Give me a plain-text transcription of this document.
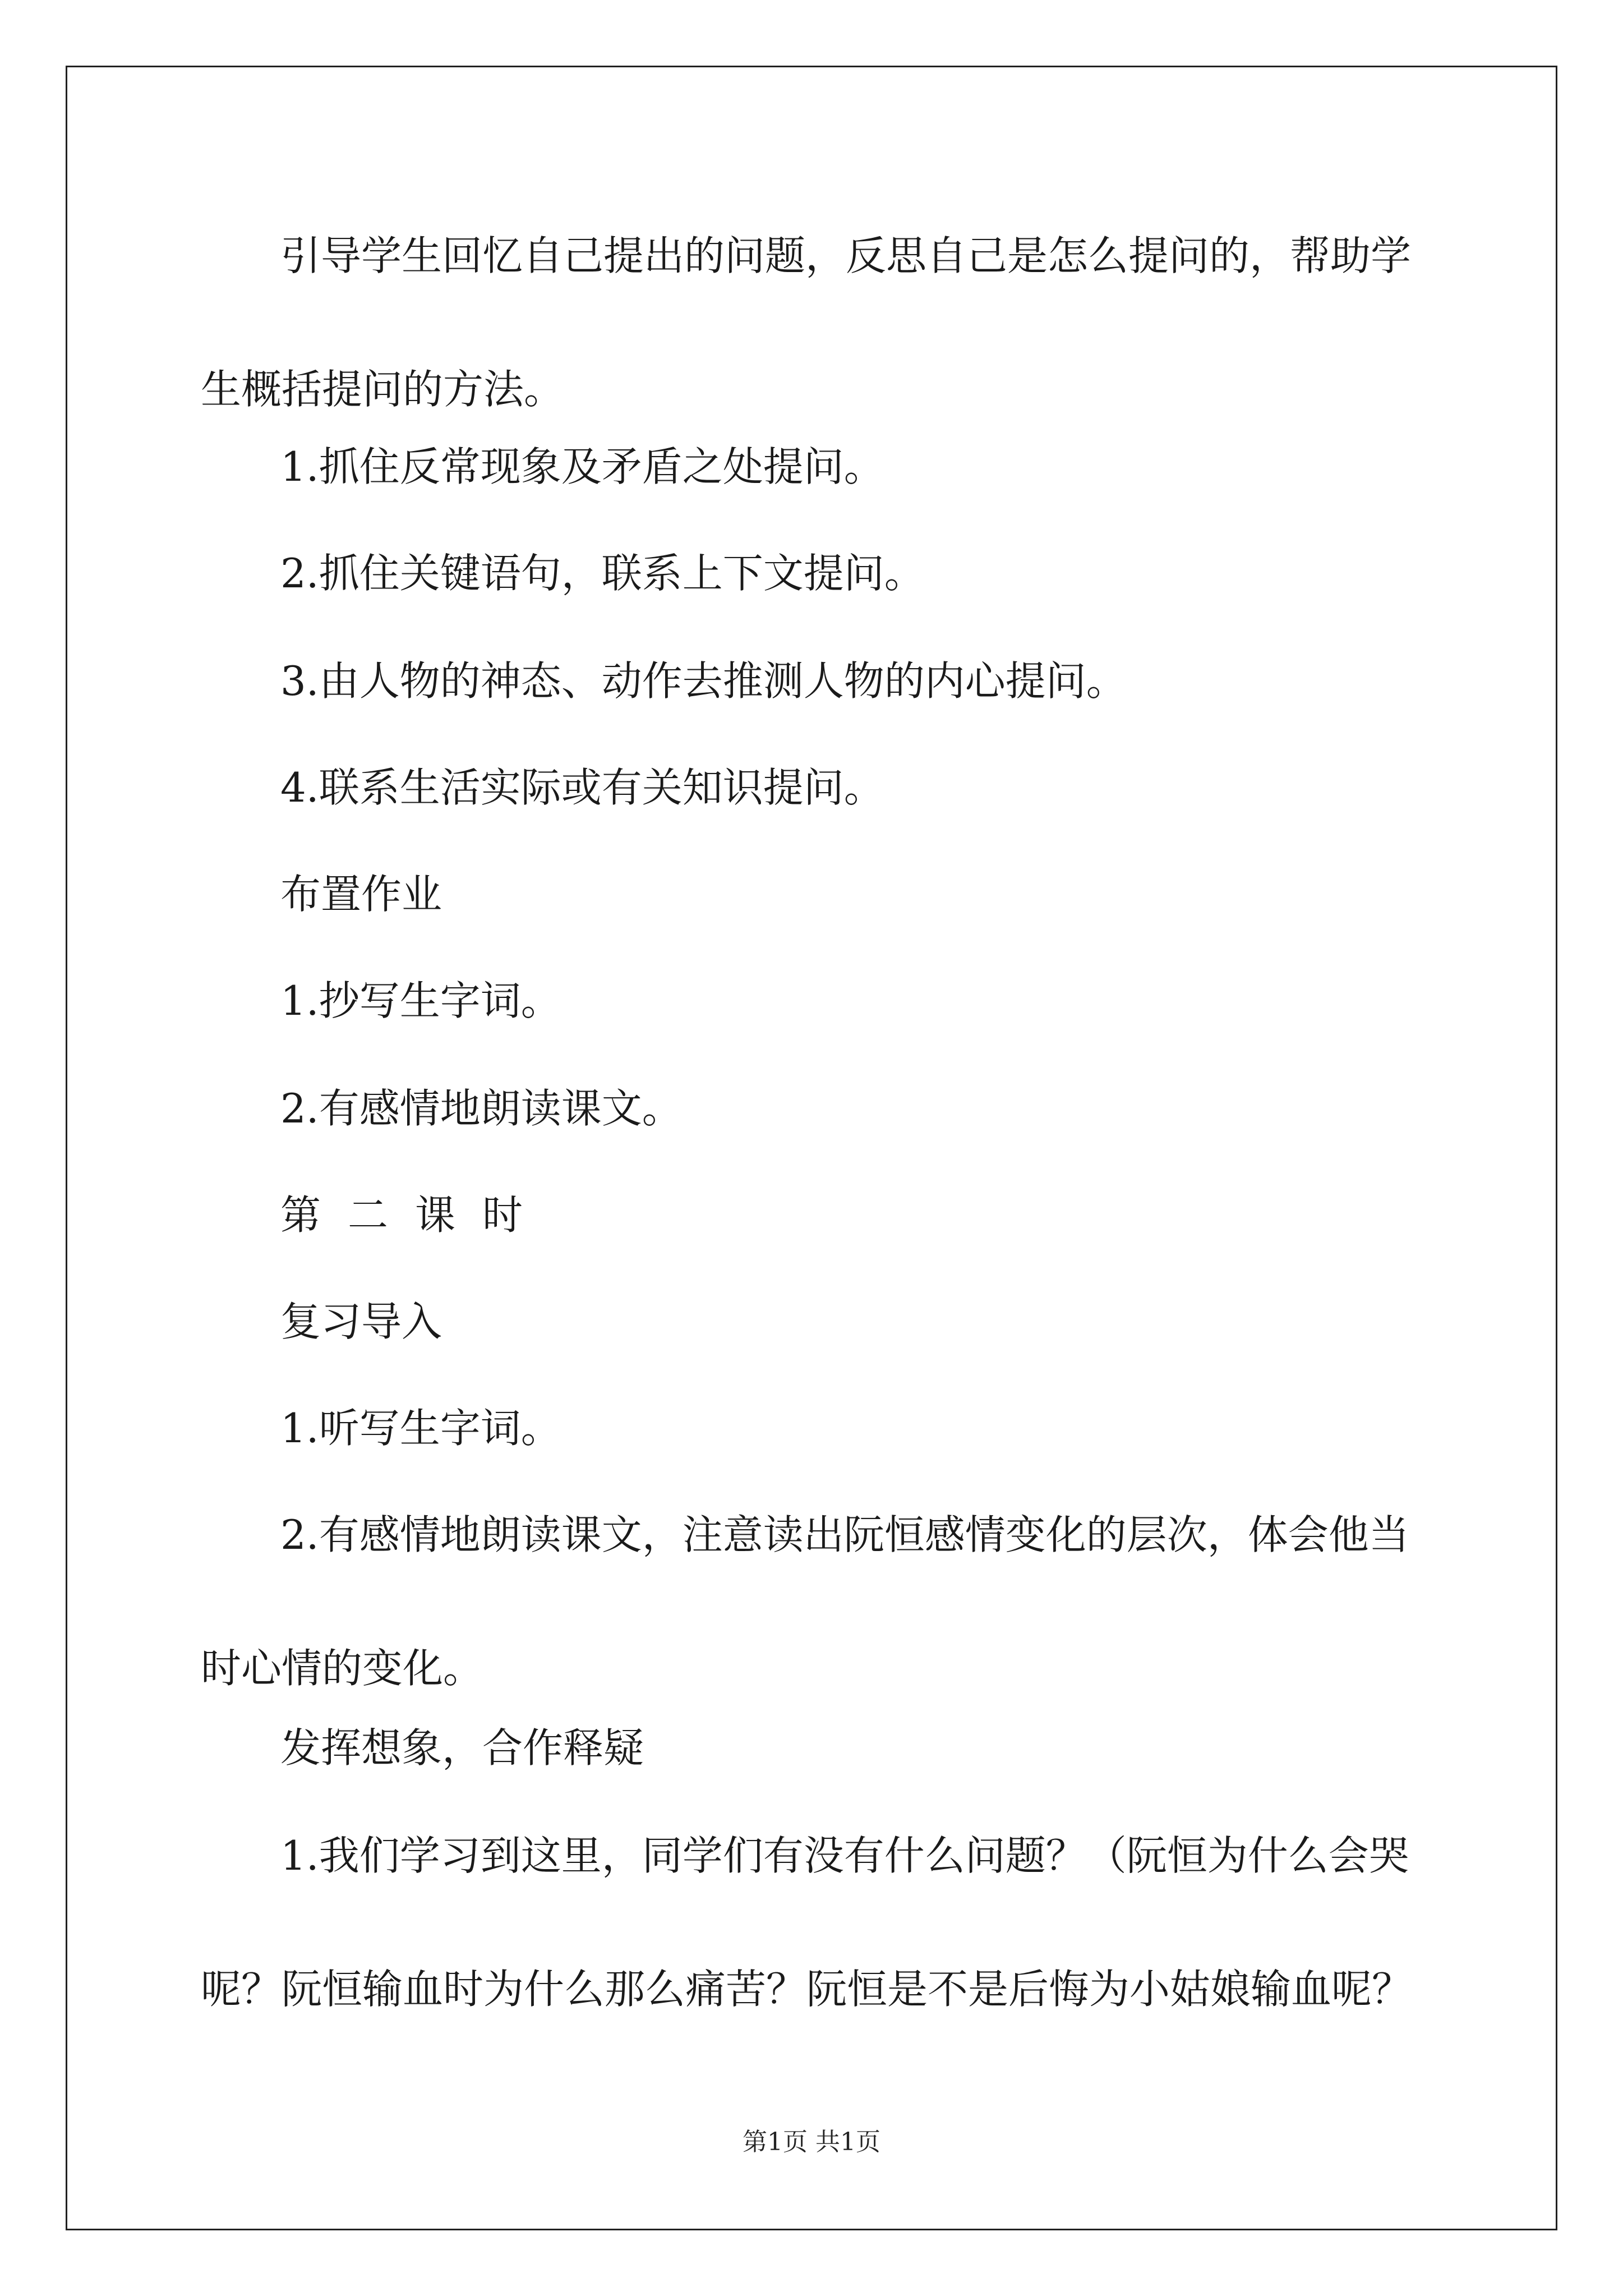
引导学生回忆自己提出的问题，反思自己是怎么提问的，帮助学
生概括提问的方法。

1.抓住反常现象及矛盾之处提问。

2.抓住关键语句，联系上下文提问。

3.由人物的神态、动作去推测人物的内心提问。

4.联系生活实际或有关知识提问。

布置作业

1.抄写生字词。

2.有感情地朗读课文。

第二课时

复习导入

1.听写生字词。

2.有感情地朗读课文，注意读出阮恒感情变化的层次，体会他当
时心情的变化。

发挥想象，合作释疑

1.我们学习到这里，同学们有没有什么问题？（阮恒为什么会哭
呢？阮恒输血时为什么那么痛苦？阮恒是不是后悔为小姑娘输血呢？

第1页 共1页
